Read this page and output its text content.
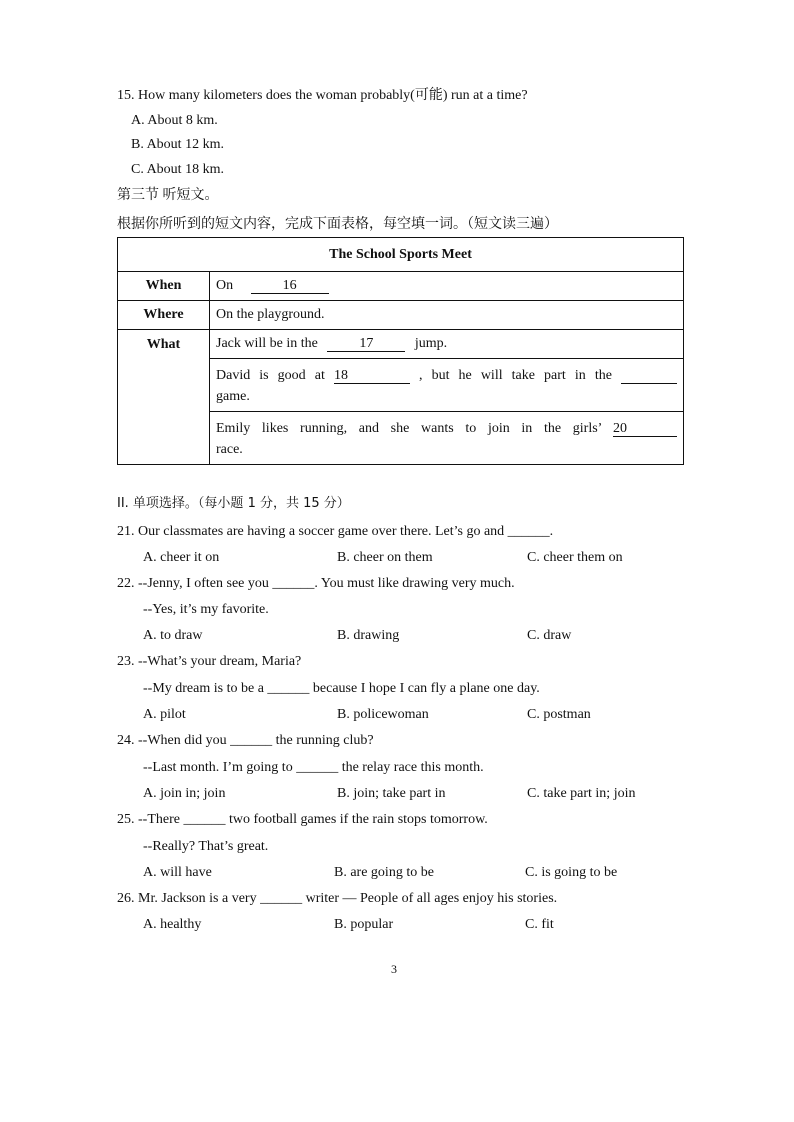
15. How many kilometers does the woman probably(可能) run at a time?
A. About 8 km.
B. About 12 km.
C. About 18 km.
第三节 听短文。
根据你所听到的短文内容，完成下面表格，每空填一词。（短文读三遍）
The School Sports Meet	
When	On 16
Where	On the playground.
What	Jack will be in the 17 jump.

	David is good at 18 , but he will take part in the
game.

	Emily likes running, and she wants to join in the girls’ 20
race.
II. 单项选择。（每小题 1 分，共 15 分）
21. Our classmates are having a soccer game over there. Let’s go and ______.
A. cheer it on	B. cheer on them	C. cheer them on
22. --Jenny, I often see you ______. You must like drawing very much.
--Yes, it’s my favorite.
A. to draw	B. drawing	C. draw
23. --What’s your dream, Maria?
--My dream is to be a ______ because I hope I can fly a plane one day.
A. pilot	B. policewoman	C. postman
24. --When did you ______ the running club?
--Last month. I’m going to ______ the relay race this month.
A. join in; join	B. join; take part in	C. take part in; join
25. --There ______ two football games if the rain stops tomorrow.
--Really? That’s great.
A. will have	B. are going to be	C. is going to be
26. Mr. Jackson is a very ______ writer — People of all ages enjoy his stories.
A. healthy	B. popular	C. fit
3
